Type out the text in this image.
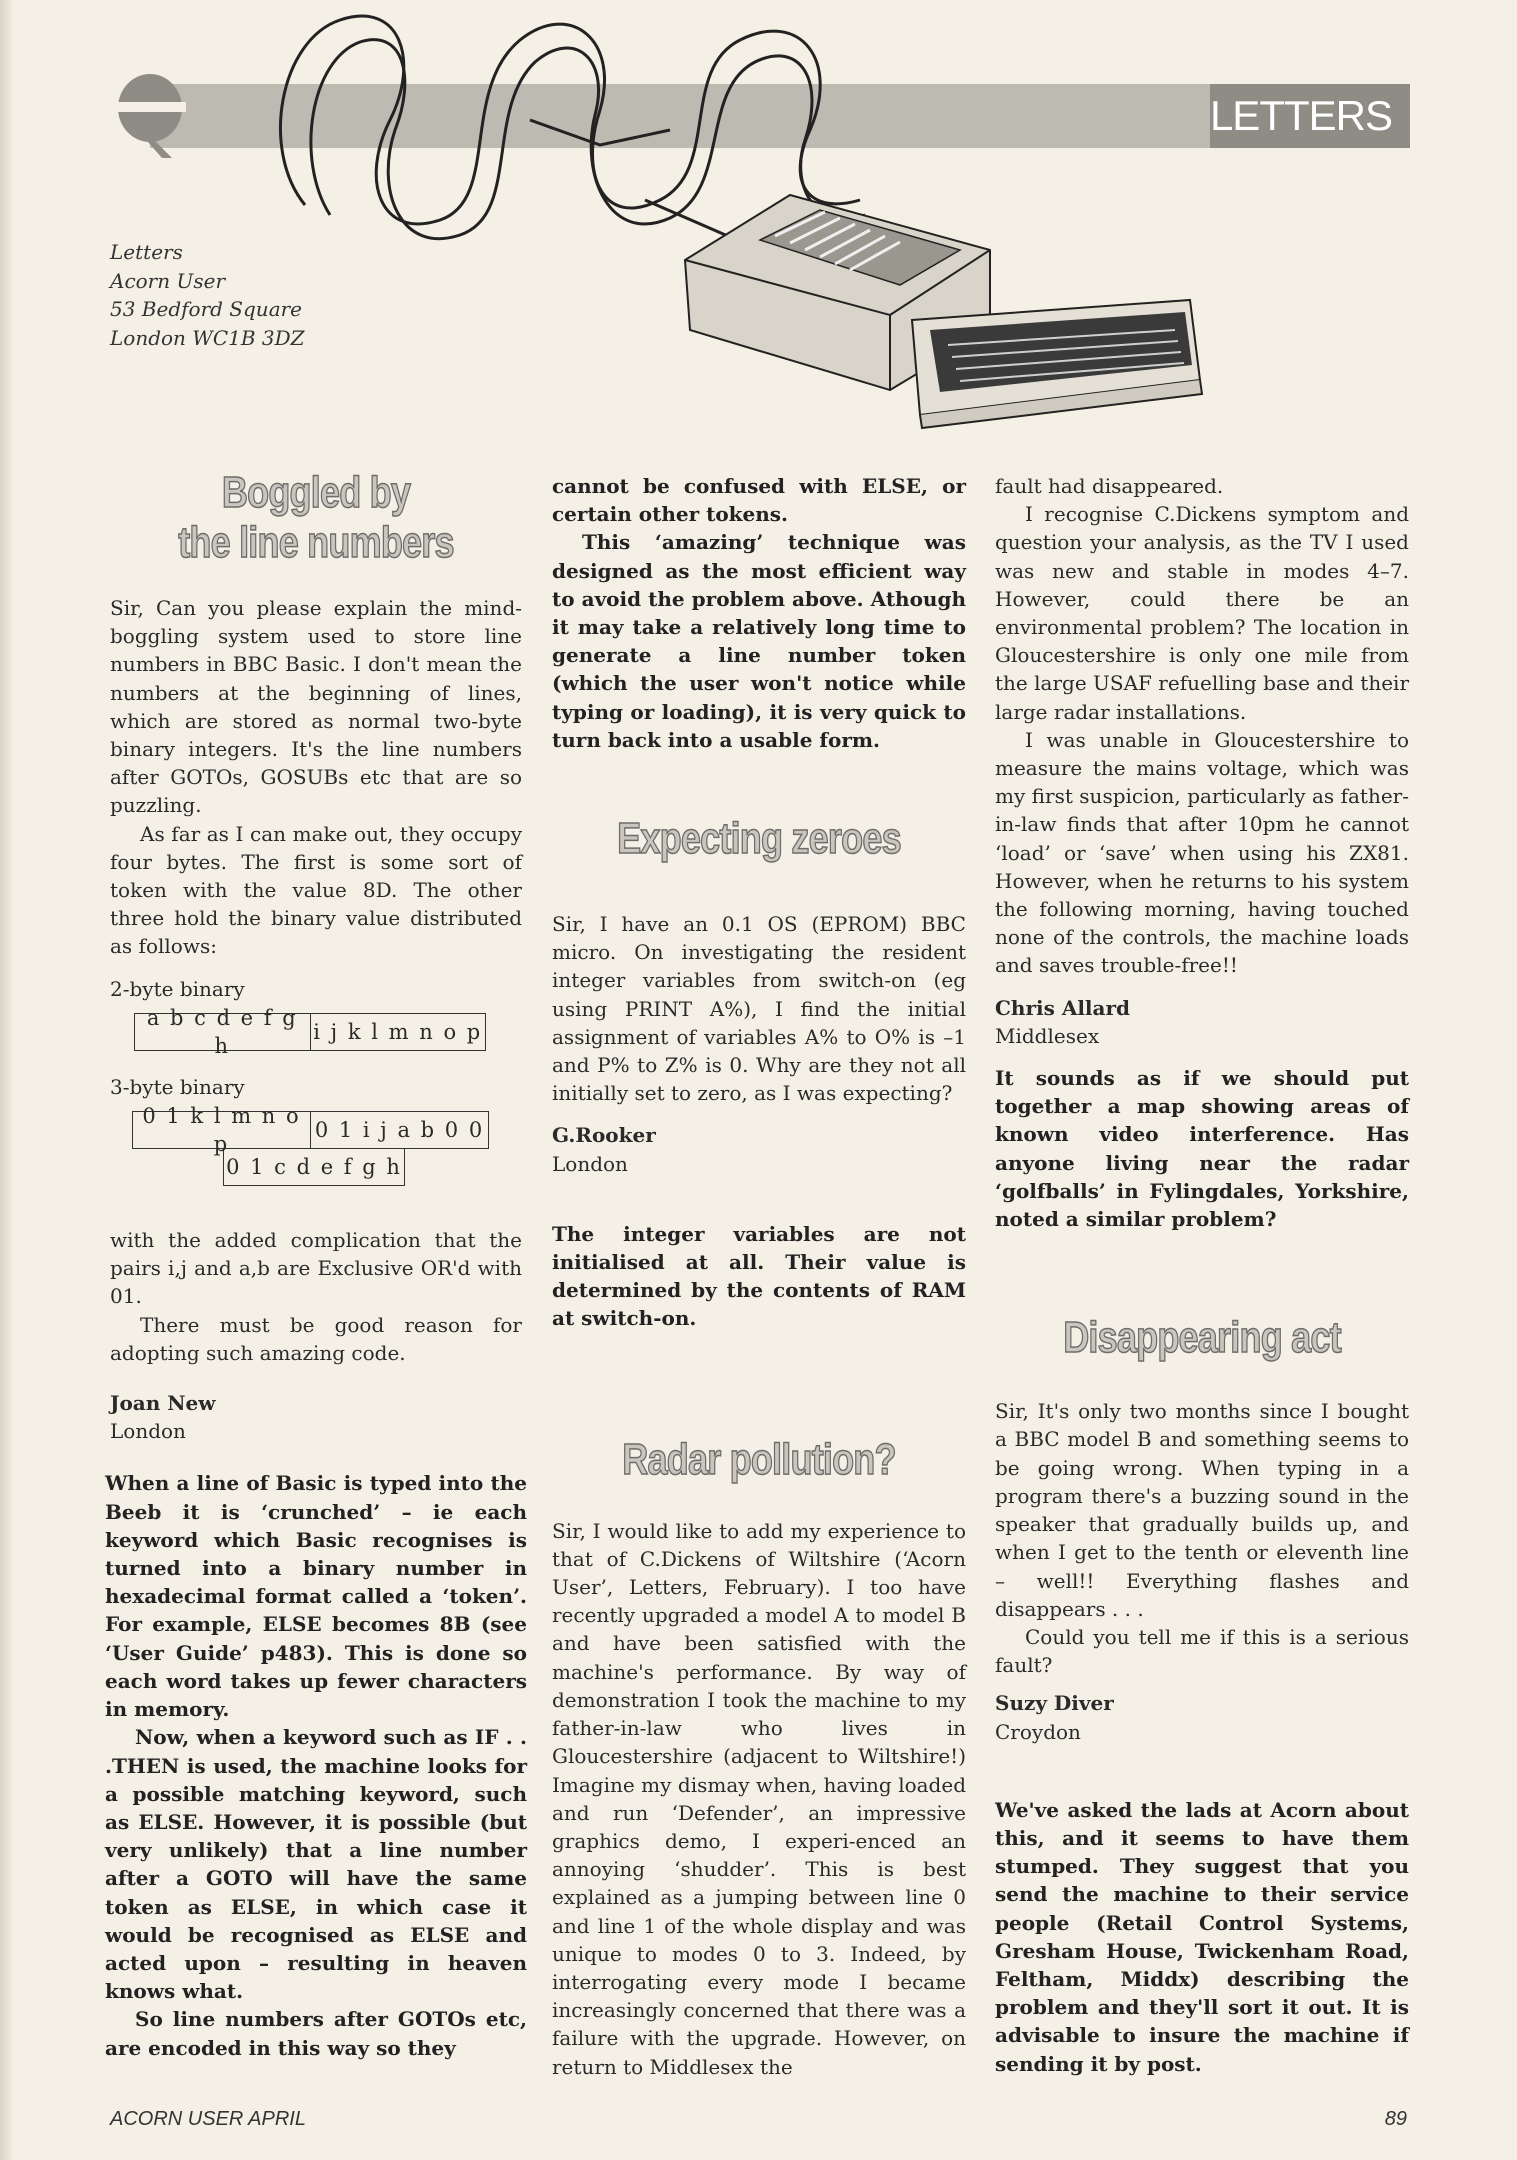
LETTERS
Letters
Acorn User
53 Bedford Square
London WC1B 3DZ
Boggled by
the line numbers

Sir, Can you please explain the mind-boggling system used to store line numbers in BBC Basic. I don't mean the numbers at the beginning of lines, which are stored as normal two-byte binary integers. It's the line numbers after GOTOs, GOSUBs etc that are so puzzling.

As far as I can make out, they occupy four bytes. The first is some sort of token with the value 8D. The other three hold the binary value distributed as follows:

2-byte binary

a b c d e f g h
i j k l m n o p

3-byte binary

0 1 k l m n o p
0 1 i j a b 0 0
0 1 c d e f g h

with the added complication that the pairs i,j and a,b are Exclusive OR'd with 01.

There must be good reason for adopting such amazing code.

Joan New
London

When a line of Basic is typed into the Beeb it is ‘crunched’ – ie each keyword which Basic recognises is turned into a binary number in hexadecimal format called a ‘token’. For example, ELSE becomes 8B (see ‘User Guide’ p483). This is done so each word takes up fewer characters in memory.

Now, when a keyword such as IF . . .THEN is used, the machine looks for a possible matching keyword, such as ELSE. However, it is possible (but very unlikely) that a line number after a GOTO will have the same token as ELSE, in which case it would be recognised as ELSE and acted upon – resulting in heaven knows what.

So line numbers after GOTOs etc, are encoded in this way so they

cannot be confused with ELSE, or certain other tokens.

This ‘amazing’ technique was designed as the most efficient way to avoid the problem above. Athough it may take a relatively long time to generate a line number token (which the user won't notice while typing or loading), it is very quick to turn back into a usable form.

Expecting zeroes

Sir, I have an 0.1 OS (EPROM) BBC micro. On investigating the resident integer variables from switch-on (eg using PRINT A%), I find the initial assignment of variables A% to O% is –1 and P% to Z% is 0. Why are they not all initially set to zero, as I was expecting?

G.Rooker
London

The integer variables are not initialised at all. Their value is determined by the contents of RAM at switch-on.

Radar pollution?

Sir, I would like to add my experience to that of C.Dickens of Wiltshire (‘Acorn User’, Letters, February). I too have recently upgraded a model A to model B and have been satisfied with the machine's performance. By way of demonstration I took the machine to my father-in-law who lives in Gloucestershire (adjacent to Wiltshire!) Imagine my dismay when, having loaded and run ‘Defender’, an impressive graphics demo, I experi-enced an annoying ‘shudder’. This is best explained as a jumping between line 0 and line 1 of the whole display and was unique to modes 0 to 3. Indeed, by interrogating every mode I became increasingly concerned that there was a failure with the upgrade. However, on return to Middlesex the

fault had disappeared.

I recognise C.Dickens symptom and question your analysis, as the TV I used was new and stable in modes 4–7. However, could there be an environmental problem? The location in Gloucestershire is only one mile from the large USAF refuelling base and their large radar installations.

I was unable in Gloucestershire to measure the mains voltage, which was my first suspicion, particularly as father-in-law finds that after 10pm he cannot ‘load’ or ‘save’ when using his ZX81. However, when he returns to his system the following morning, having touched none of the controls, the machine loads and saves trouble-free!!

Chris Allard
Middlesex

It sounds as if we should put together a map showing areas of known video interference. Has anyone living near the radar ‘golfballs’ in Fylingdales, Yorkshire, noted a similar problem?

Disappearing act

Sir, It's only two months since I bought a BBC model B and something seems to be going wrong. When typing in a program there's a buzzing sound in the speaker that gradually builds up, and when I get to the tenth or eleventh line – well!! Everything flashes and disappears . . .

Could you tell me if this is a serious fault?

Suzy Diver
Croydon

We've asked the lads at Acorn about this, and it seems to have them stumped. They suggest that you send the machine to their service people (Retail Control Systems, Gresham House, Twickenham Road, Feltham, Middx) describing the problem and they'll sort it out. It is advisable to insure the machine if sending it by post.

ACORN USER APRIL	89
